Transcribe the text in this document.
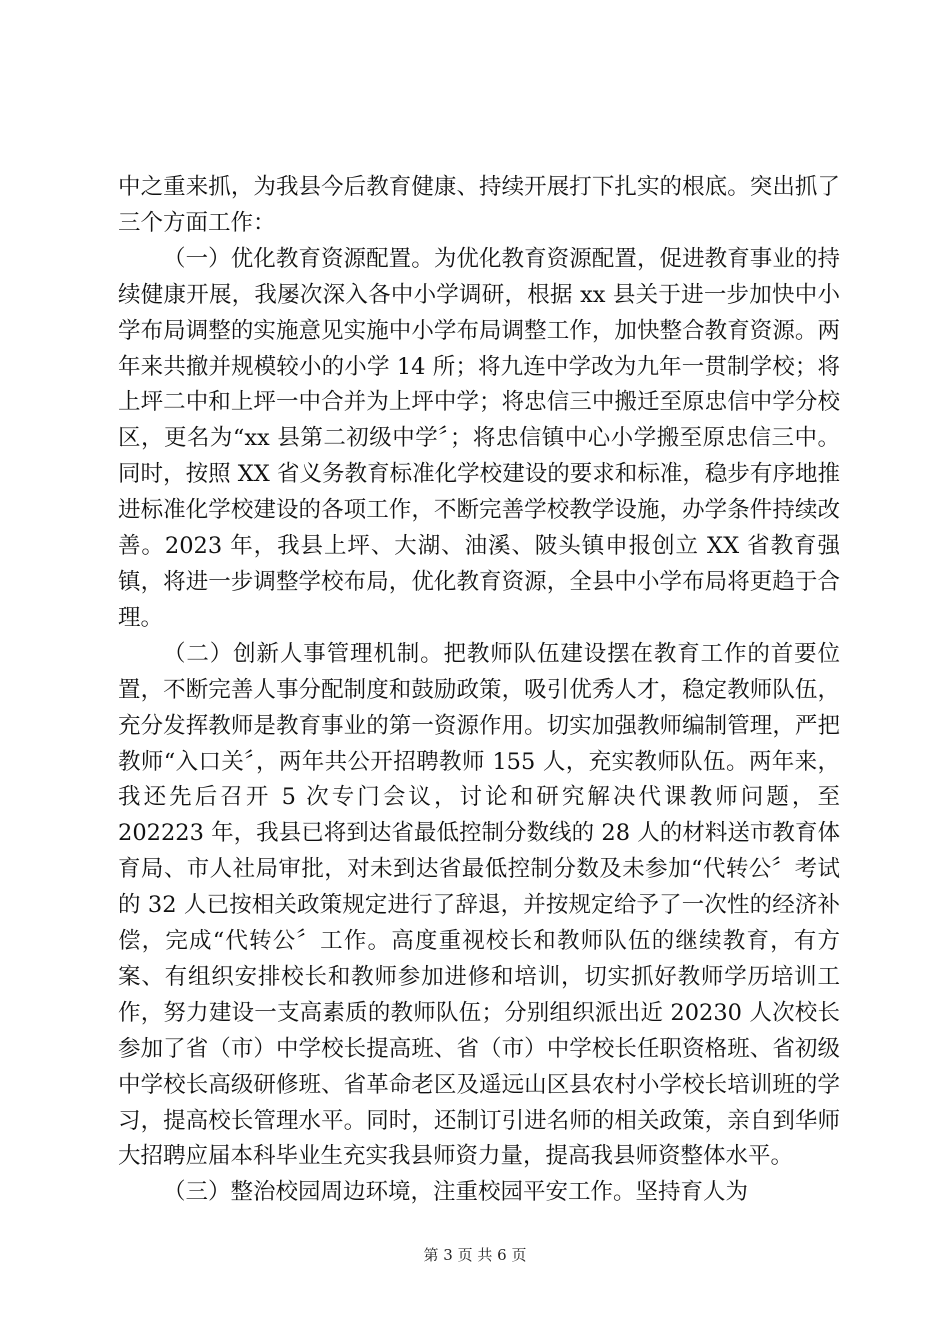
中之重来抓，为我县今后教育健康、持续开展打下扎实的根底。突出抓了三个方面工作：

（一）优化教育资源配置。为优化教育资源配置，促进教育事业的持续健康开展，我屡次深入各中小学调研，根据 xx 县关于进一步加快中小学布局调整的实施意见实施中小学布局调整工作，加快整合教育资源。两年来共撤并规模较小的小学 14 所；将九连中学改为九年一贯制学校；将上坪二中和上坪一中合并为上坪中学；将忠信三中搬迁至原忠信中学分校区，更名为“xx 县第二初级中学〞；将忠信镇中心小学搬至原忠信三中。同时，按照 XX 省义务教育标准化学校建设的要求和标准，稳步有序地推进标准化学校建设的各项工作，不断完善学校教学设施，办学条件持续改善。2023 年，我县上坪、大湖、油溪、陂头镇申报创立 XX 省教育强镇，将进一步调整学校布局，优化教育资源，全县中小学布局将更趋于合理。

（二）创新人事管理机制。把教师队伍建设摆在教育工作的首要位置，不断完善人事分配制度和鼓励政策，吸引优秀人才，稳定教师队伍，充分发挥教师是教育事业的第一资源作用。切实加强教师编制管理，严把教师“入口关〞，两年共公开招聘教师 155 人，充实教师队伍。两年来，我还先后召开 5 次专门会议，讨论和研究解决代课教师问题，至 202223 年，我县已将到达省最低控制分数线的 28 人的材料送市教育体育局、市人社局审批，对未到达省最低控制分数及未参加“代转公〞考试的 32 人已按相关政策规定进行了辞退，并按规定给予了一次性的经济补偿，完成“代转公〞工作。高度重视校长和教师队伍的继续教育，有方案、有组织安排校长和教师参加进修和培训，切实抓好教师学历培训工作，努力建设一支高素质的教师队伍；分别组织派出近 20230 人次校长参加了省（市）中学校长提高班、省（市）中学校长任职资格班、省初级中学校长高级研修班、省革命老区及遥远山区县农村小学校长培训班的学习，提高校长管理水平。同时，还制订引进名师的相关政策，亲自到华师大招聘应届本科毕业生充实我县师资力量，提高我县师资整体水平。

（三）整治校园周边环境，注重校园平安工作。坚持育人为

第 3 页 共 6 页
